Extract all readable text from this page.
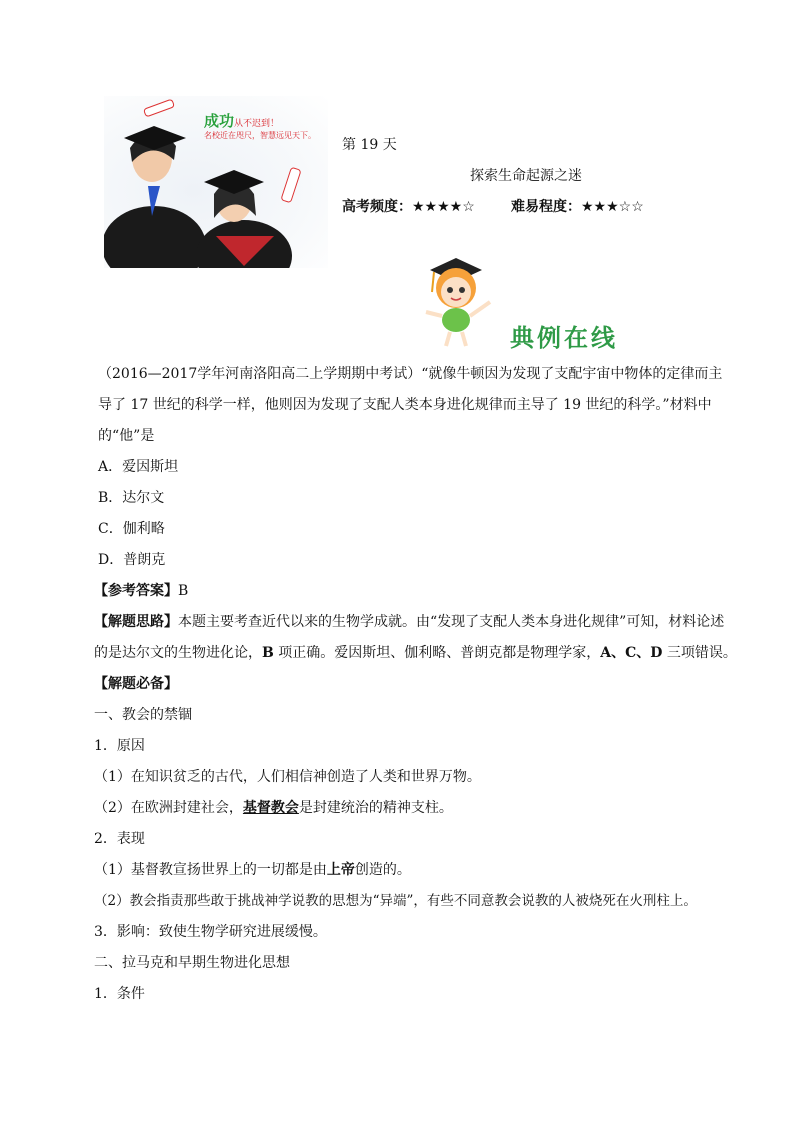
成功从不迟到！
名校近在咫尺，智慧远见天下。
第 19 天
探索生命起源之迷
高考频度：★★★★☆	难易程度：★★★☆☆
典例在线
（2016—2017学年河南洛阳高二上学期期中考试）“就像牛顿因为发现了支配宇宙中物体的定律而主
导了 17 世纪的科学一样，他则因为发现了支配人类本身进化规律而主导了 19 世纪的科学。”材料中
的“他”是
A．爱因斯坦
B．达尔文
C．伽利略
D．普朗克
【参考答案】B
【解题思路】本题主要考查近代以来的生物学成就。由“发现了支配人类本身进化规律”可知，材料论述
的是达尔文的生物进化论，B 项正确。爱因斯坦、伽利略、普朗克都是物理学家，A、C、D 三项错误。
【解题必备】
一、教会的禁锢
1．原因
（1）在知识贫乏的古代，人们相信神创造了人类和世界万物。
（2）在欧洲封建社会，基督教会是封建统治的精神支柱。
2．表现
（1）基督教宣扬世界上的一切都是由上帝创造的。
（2）教会指责那些敢于挑战神学说教的思想为“异端”，有些不同意教会说教的人被烧死在火刑柱上。
3．影响：致使生物学研究进展缓慢。
二、拉马克和早期生物进化思想
1．条件
